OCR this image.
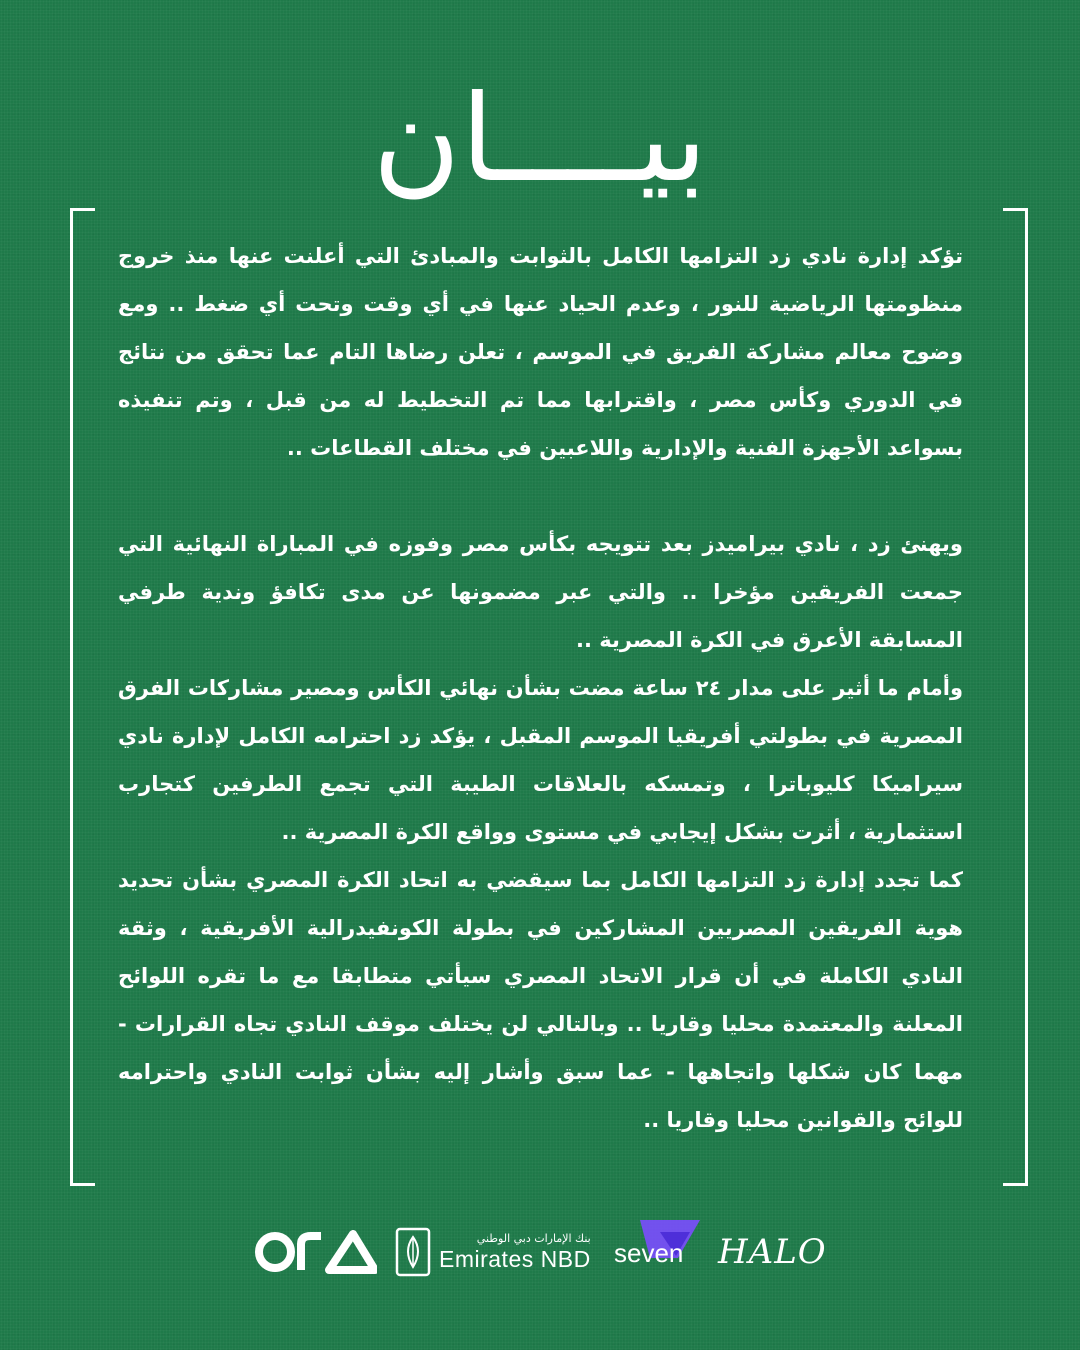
بيــــان

تؤكد إدارة نادي زد التزامها الكامل بالثوابت والمبادئ التي أعلنت عنها منذ خروج منظومتها الرياضية للنور ، وعدم الحياد عنها في أي وقت وتحت أي ضغط .. ومع وضوح معالم مشاركة الفريق في الموسم ، تعلن رضاها التام عما تحقق من نتائج في الدوري وكأس مصر ، واقترابها مما تم التخطيط له من قبل ، وتم تنفيذه بسواعد الأجهزة الفنية والإدارية واللاعبين في مختلف القطاعات ..

ويهنئ زد ، نادي بيراميدز بعد تتويجه بكأس مصر وفوزه في المباراة النهائية التي جمعت الفريقين مؤخرا .. والتي عبر مضمونها عن مدى تكافؤ وندية طرفي المسابقة الأعرق في الكرة المصرية ..

وأمام ما أثير على مدار ٢٤ ساعة مضت بشأن نهائي الكأس ومصير مشاركات الفرق المصرية في بطولتي أفريقيا الموسم المقبل ، يؤكد زد احترامه الكامل لإدارة نادي سيراميكا كليوباترا ، وتمسكه بالعلاقات الطيبة التي تجمع الطرفين كتجارب استثمارية ، أثرت بشكل إيجابي في مستوى وواقع الكرة المصرية ..

كما تجدد إدارة زد التزامها الكامل بما سيقضي به اتحاد الكرة المصري بشأن تحديد هوية الفريقين المصريين المشاركين في بطولة الكونفيدرالية الأفريقية ، وثقة النادي الكاملة في أن قرار الاتحاد المصري سيأتي متطابقا مع ما تقره اللوائح المعلنة والمعتمدة محليا وقاريا .. وبالتالي لن يختلف موقف النادي تجاه القرارات - مهما كان شكلها واتجاهها - عما سبق وأشار إليه بشأن ثوابت النادي واحترامه للوائح والقوانين محليا وقاريا ..

بنك الإمارات دبي الوطني
Emirates NBD seven HALO
